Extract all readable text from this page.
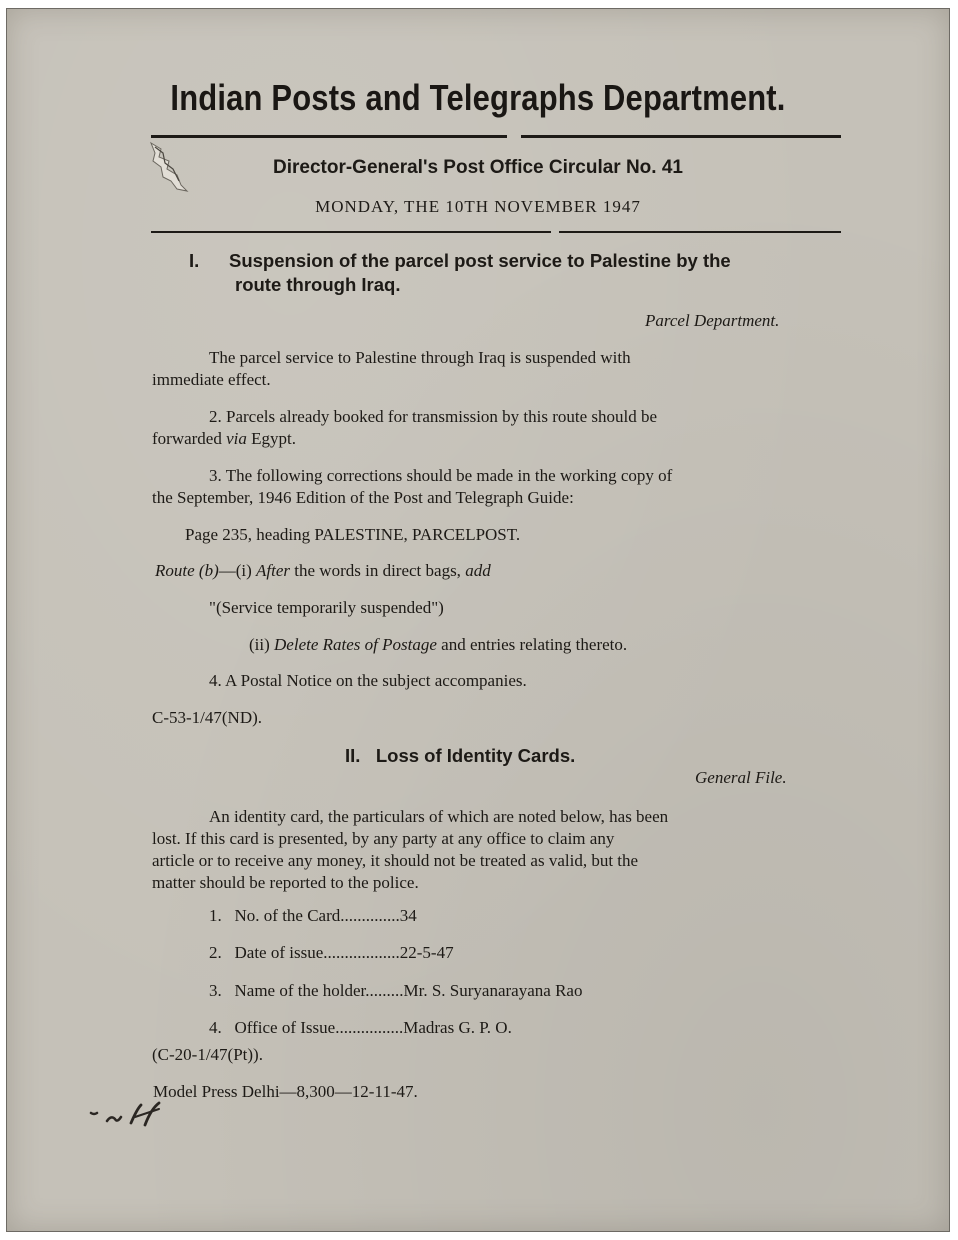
Indian Posts and Telegraphs Department.
Director-General's Post Office Circular No. 41
MONDAY, THE 10TH NOVEMBER 1947
I. Suspension of the parcel post service to Palestine by the
route through Iraq.
Parcel Department.
The parcel service to Palestine through Iraq is suspended with
immediate effect.
2. Parcels already booked for transmission by this route should be
forwarded via Egypt.
3. The following corrections should be made in the working copy of
the September, 1946 Edition of the Post and Telegraph Guide:
Page 235, heading PALESTINE, PARCELPOST.
Route (b)—(i) After the words in direct bags, add
"(Service temporarily suspended")
(ii) Delete Rates of Postage and entries relating thereto.
4. A Postal Notice on the subject accompanies.
C-53-1/47(ND).
II.   Loss of Identity Cards.
General File.
An identity card, the particulars of which are noted below, has been
lost. If this card is presented, by any party at any office to claim any
article or to receive any money, it should not be treated as valid, but the
matter should be reported to the police.
1. No. of the Card..............34
2. Date of issue..................22-5-47
3. Name of the holder.........Mr. S. Suryanarayana Rao
4. Office of Issue................Madras G. P. O.
(C-20-1/47(Pt)).
Model Press Delhi—8,300—12-11-47.
